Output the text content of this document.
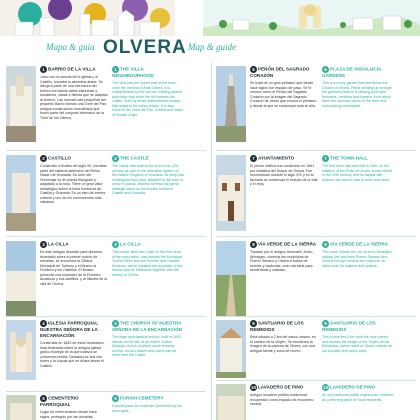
Mapa & guía OLVERA Map & guide
1 BARRIO DE LA VILLA
Justo con la mezcla de la iglesia y el Castillo, formaba la almedina árabe. Se dibuja a partir de una estructura del terreno formando calles estrechas y escalones, casas e hileras que se adaptan al terreno. Las nuevas más pequeñas del pequeño Barrio forman una Torre del Pan, antigua construcción musulmana que formó parte del conjunto defensivo de la Torre de los Olleros.
1 THE VILLA NEIGHBOURHOOD
The Villa was the oldest part of the town, once the medina of Arab Olvera. It is characterised by the narrow, winding streets and steps that climb the hill towards the Castle, lined by small whitewashed houses that adapt to the steep terrain. It is also home to the Torre del Pan, a defensive tower of Muslim origin.
2 CASTILLO
Construido a finales del siglo XII, formaba parte del sistema defensivo del Reino Nazarí de Granada. Su torre del Homenaje es de planta triangular y adaptado a la roca. Tiene un gran valor estratégico sobre la línea fronteriza de Castilla y Granada. Es un bien de interés cultural y uno de los monumentos más visitados.
2 THE CASTLE
The castle was built at the end of the 12th century as part of the defensive system of the Nasrid Kingdom of Granada. Its keep has a triangular floor plan, adapted to the rock on which it stands, and the fortress had great strategic value on the frontier between Castile and Granada.
3 LA CILLA
Es este antiguo depósito para diezmos, levantado sobre el primer recinto de murallas, se encuentra la Oficina Municipal de Turismo y el Museo la Frontera y los Castillos. El Museo presenta una evolución de la Frontera Andaluza y sus castillos, y la historia de la villa de Olvera.
3 LA CILLA
The former tithe barn, built on the first circle of the town walls, now houses the Municipal Tourist Office and the Frontier and Castles Museum, which explains the evolution of the frontier and its fortresses together with the history of Olvera.
4 IGLESIA PARROQUIAL NUESTRA SEÑORA DE LA ENCARNACIÓN
Construida en 1843 de estilo neoclásico, está levantada sobre la antigua iglesia gótico-mudéjar de la que todavía se conservan restos. Destaca por sus dos torres y la cúpula que se divisa desde el Castillo.
4 THE CHURCH OF NUESTRA SEÑORA DE LA ENCARNACIÓN
The large neoclassical church, built in 1843, stands on the site of an earlier Gothic-Mudejar church of which some remains survive. Its two towers and dome can be seen from the Castle.
5 CEMENTERIO PARROQUIAL
Lugar de enterramiento desde hace siglos, protegido por las murallas.
5 PARISH CEMETERY
A burial place for centuries, protected by the town walls.
6 PEÑÓN DEL SAGRADO CORAZÓN
Se trata de un gran peñasco que desde hace siglos fue espacio de paso. Se le conoce como el Peñón del Sagrado Corazón por la imagen del Sagrado Corazón de Jesús que corona el peñasco y desde la que se contempla toda la villa.
6 PLAZA DE ANDALUCÍA GARDENS
This is a lovely garden that lies below the Church of Olvera. Paths winding up through the greenery lead to a viewing point with fountains, benches and flowers, from which there are splendid views of the town and surrounding countryside.
7 AYUNTAMIENTO
El primer edificio fue construido en 1661 por iniciativa del Duque de Osuna. Fue reconstruido durante el siglo XIX y en la fachada se conservan el escudo de la villa y el reloj.
7 THE TOWN HALL
The first town hall was built in 1661 on the initiative of the Duke of Osuna. It was rebuilt in the 19th century, and its façade still features the town's coat of arms and clock.
8 VÍA VERDE DE LA SIERRA
Trazado por el antiguo ferrocarril Jerez–Almargen, conecta los municipios de Puerto Serrano y Olvera a través de túneles y viaductos, una ruta ideal para senderistas y ciclistas.
8 VÍA VERDE DE LA SIERRA
This route follows the old Jerez to Almargen railway line and links Puerto Serrano and Olvera through tunnels and viaducts, an ideal route for walkers and cyclists.
9 SANTUARIO DE LOS REMEDIOS
Está situado a 2 km del casco urbano, en el camino de la Virgen. Se encuentra la imagen de la patrona de Olvera, con una antigua fuente y zona de recreo.
9 SANTUARIO DE LOS REMEDIOS
This shrine lies 2 km from the town centre and houses the image of the Virgen de los Remedios, patron saint of Olvera, beside an old fountain and picnic area.
10 LAVADERO DE PINO
Antiguo lavadero público tradicional, recuperado como espacio de encuentro vecinal.
10 LAVADERO DE PINO
An old traditional public washhouse, restored as a meeting place for local residents.
